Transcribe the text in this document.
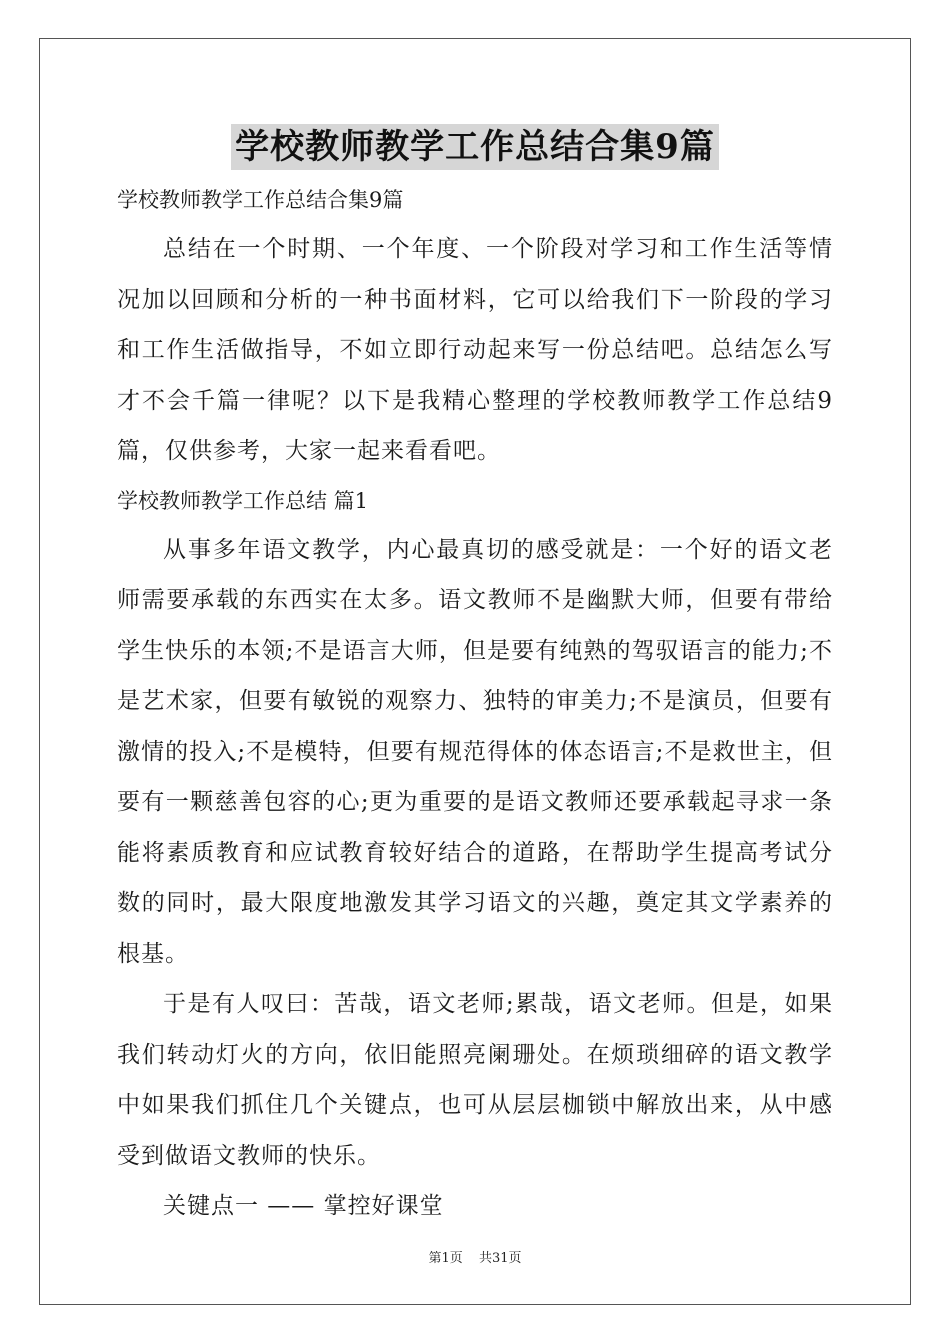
学校教师教学工作总结合集9篇
学校教师教学工作总结合集9篇

总结在一个时期、一个年度、一个阶段对学习和工作生活等情况加以回顾和分析的一种书面材料，它可以给我们下一阶段的学习和工作生活做指导，不如立即行动起来写一份总结吧。总结怎么写才不会千篇一律呢？以下是我精心整理的学校教师教学工作总结9篇，仅供参考，大家一起来看看吧。

学校教师教学工作总结 篇1

从事多年语文教学，内心最真切的感受就是：一个好的语文老师需要承载的东西实在太多。语文教师不是幽默大师，但要有带给学生快乐的本领;不是语言大师，但是要有纯熟的驾驭语言的能力;不是艺术家，但要有敏锐的观察力、独特的审美力;不是演员，但要有激情的投入;不是模特，但要有规范得体的体态语言;不是救世主，但要有一颗慈善包容的心;更为重要的是语文教师还要承载起寻求一条能将素质教育和应试教育较好结合的道路，在帮助学生提高考试分数的同时，最大限度地激发其学习语文的兴趣，奠定其文学素养的根基。

于是有人叹曰：苦哉，语文老师;累哉，语文老师。但是，如果我们转动灯火的方向，依旧能照亮阑珊处。在烦琐细碎的语文教学中如果我们抓住几个关键点，也可从层层枷锁中解放出来，从中感受到做语文教师的快乐。

关键点一 —— 掌控好课堂

第1页 共31页
